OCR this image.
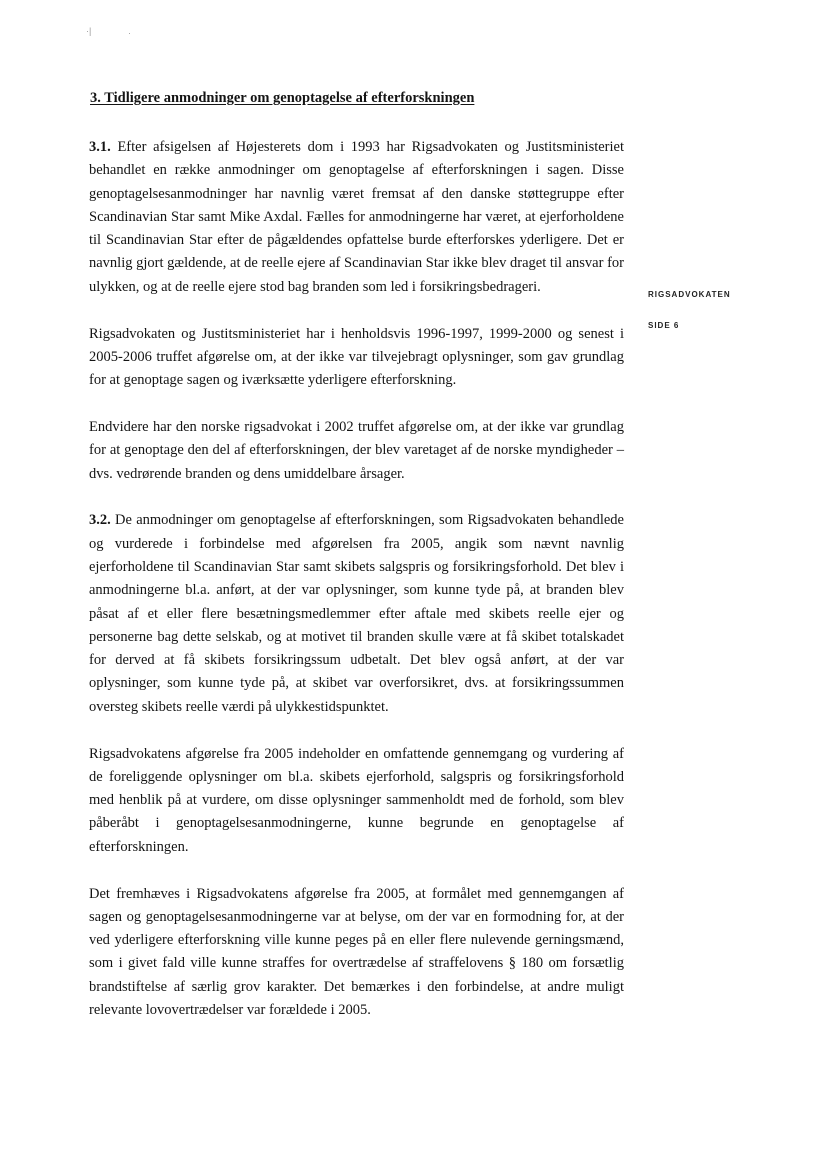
·|	·
3. Tidligere anmodninger om genoptagelse af efterforskningen

3.1. Efter afsigelsen af Højesterets dom i 1993 har Rigsadvokaten og Justitsministeriet behandlet en række anmodninger om genoptagelse af efterforskningen i sagen. Disse genoptagelsesanmodninger har navnlig været fremsat af den danske støttegruppe efter Scandinavian Star samt Mike Axdal. Fælles for anmodningerne har været, at ejerforholdene til Scandinavian Star efter de pågældendes opfattelse burde efterforskes yderligere. Det er navnlig gjort gældende, at de reelle ejere af Scandinavian Star ikke blev draget til ansvar for ulykken, og at de reelle ejere stod bag branden som led i forsikringsbedrageri.

Rigsadvokaten og Justitsministeriet har i henholdsvis 1996-1997, 1999-2000 og senest i 2005-2006 truffet afgørelse om, at der ikke var tilvejebragt oplysninger, som gav grundlag for at genoptage sagen og iværksætte yderligere efterforskning.

Endvidere har den norske rigsadvokat i 2002 truffet afgørelse om, at der ikke var grundlag for at genoptage den del af efterforskningen, der blev varetaget af de norske myndigheder – dvs. vedrørende branden og dens umiddelbare årsager.

3.2. De anmodninger om genoptagelse af efterforskningen, som Rigsadvokaten behandlede og vurderede i forbindelse med afgørelsen fra 2005, angik som nævnt navnlig ejerforholdene til Scandinavian Star samt skibets salgspris og forsikringsforhold. Det blev i anmodningerne bl.a. anført, at der var oplysninger, som kunne tyde på, at branden blev påsat af et eller flere besætningsmedlemmer efter aftale med skibets reelle ejer og personerne bag dette selskab, og at motivet til branden skulle være at få skibet totalskadet for derved at få skibets forsikringssum udbetalt. Det blev også anført, at der var oplysninger, som kunne tyde på, at skibet var overforsikret, dvs. at forsikringssummen oversteg skibets reelle værdi på ulykkestidspunktet.

Rigsadvokatens afgørelse fra 2005 indeholder en omfattende gennemgang og vurdering af de foreliggende oplysninger om bl.a. skibets ejerforhold, salgspris og forsikringsforhold med henblik på at vurdere, om disse oplysninger sammenholdt med de forhold, som blev påberåbt i genoptagelsesanmodningerne, kunne begrunde en genoptagelse af efterforskningen.

Det fremhæves i Rigsadvokatens afgørelse fra 2005, at formålet med gennemgangen af sagen og genoptagelsesanmodningerne var at belyse, om der var en formodning for, at der ved yderligere efterforskning ville kunne peges på en eller flere nulevende gerningsmænd, som i givet fald ville kunne straffes for overtrædelse af straffelovens § 180 om forsætlig brandstiftelse af særlig grov karakter. Det bemærkes i den forbindelse, at andre muligt relevante lovovertrædelser var forældede i 2005.

RIGSADVOKATEN
SIDE 6
